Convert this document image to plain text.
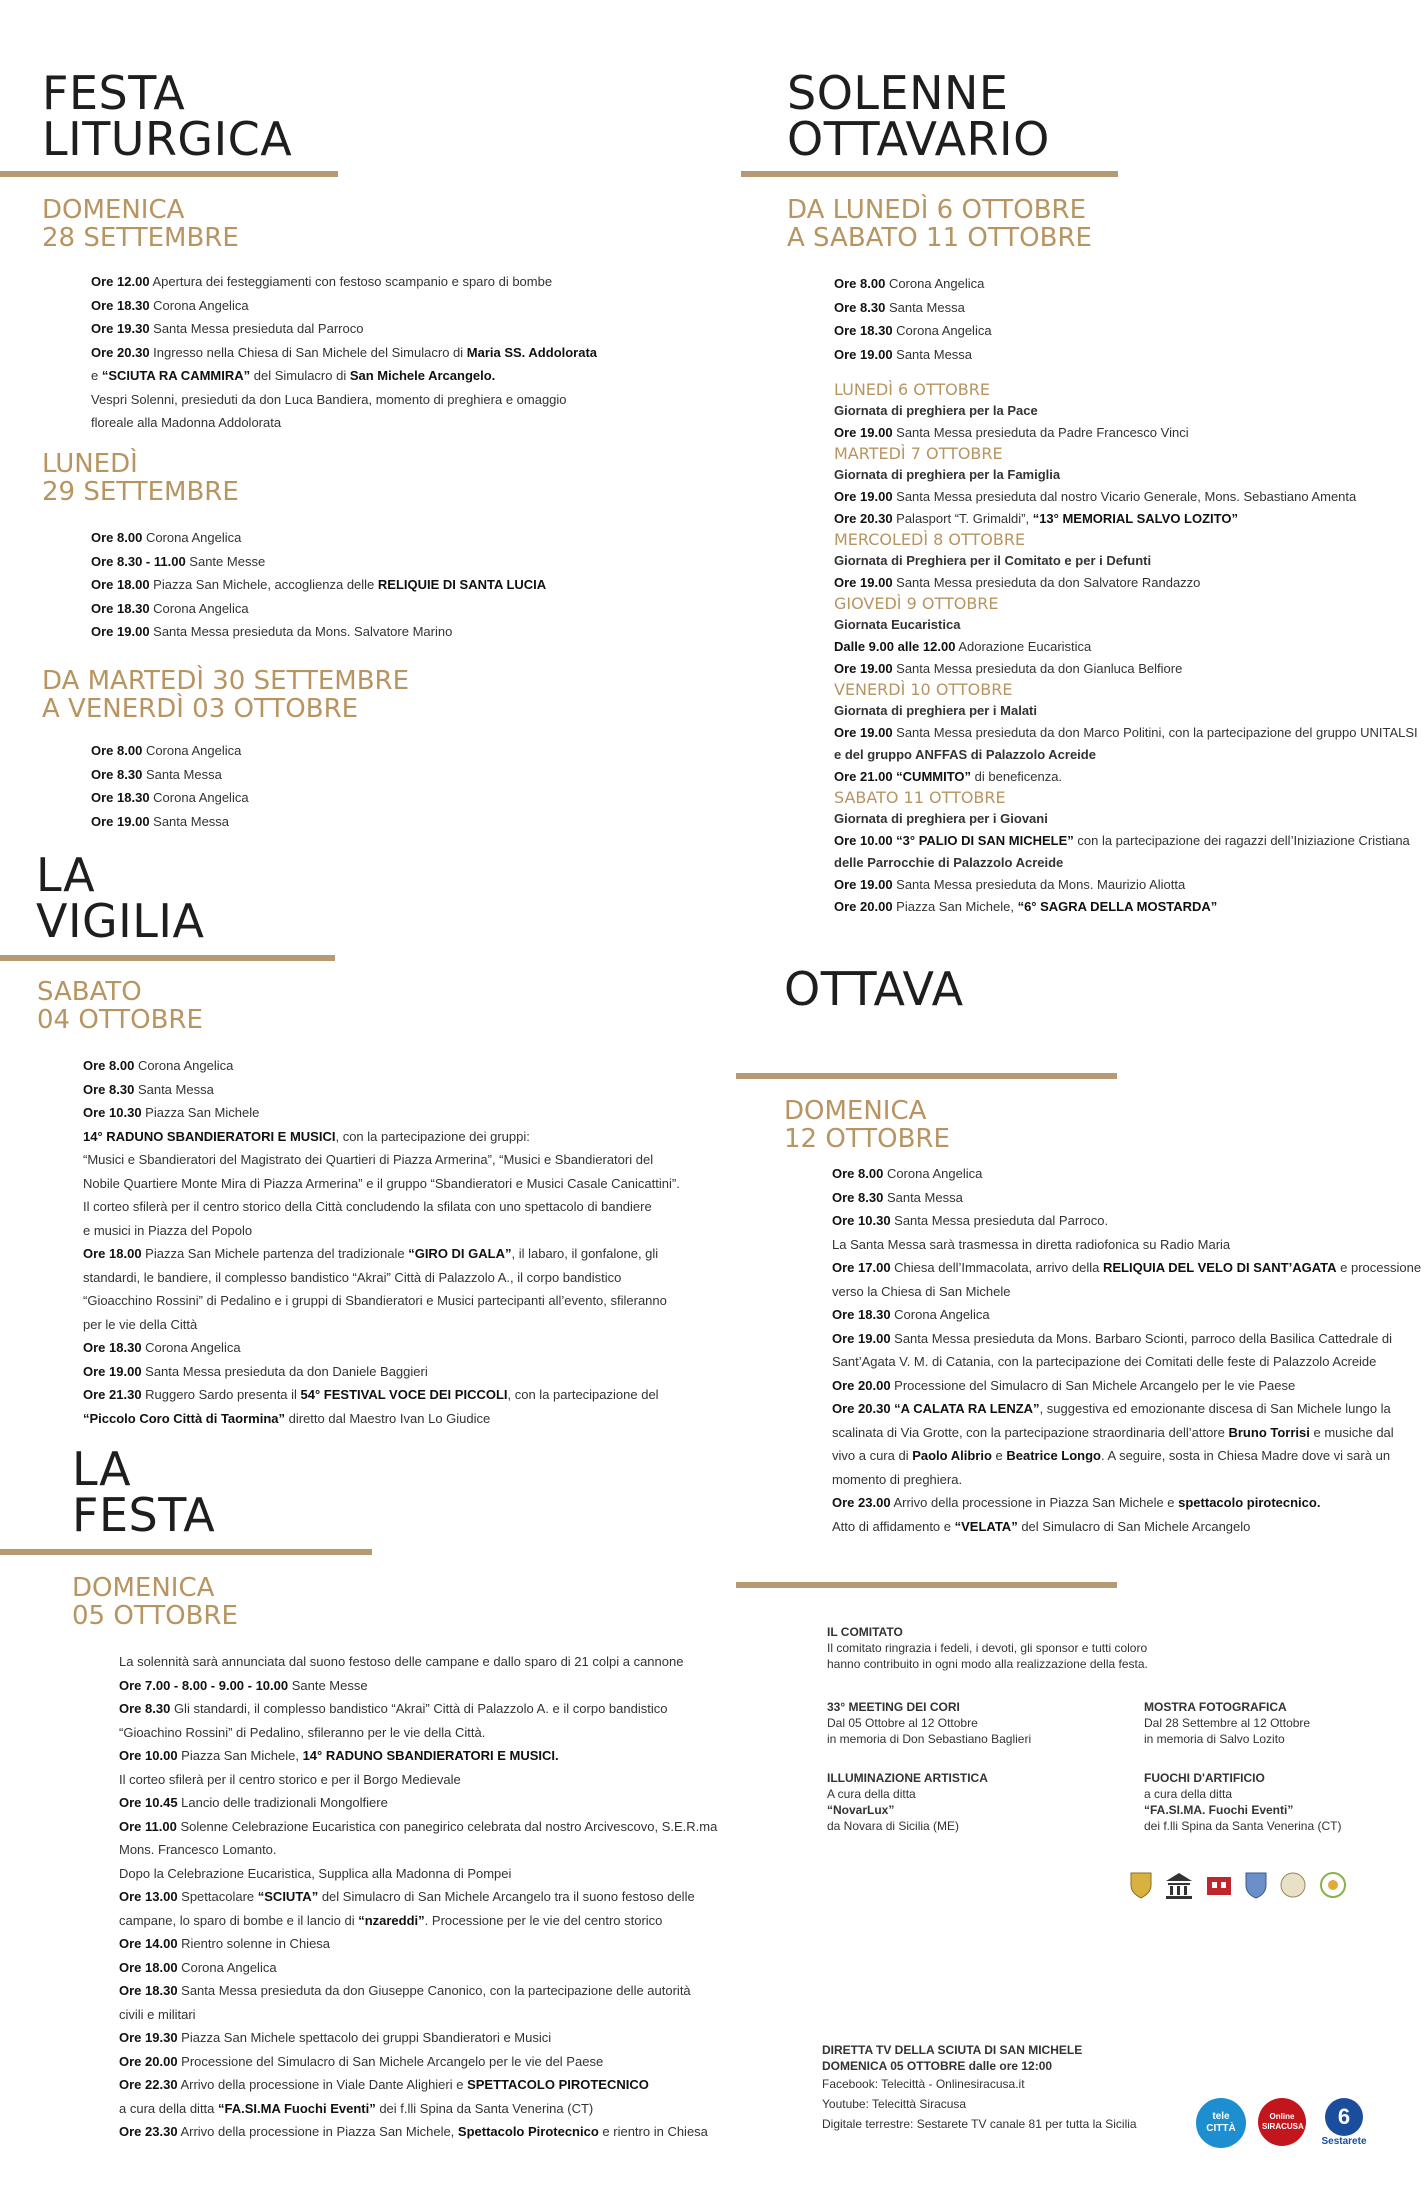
FESTA
LITURGICA
DOMENICA
28 SETTEMBRE
Ore 12.00 Apertura dei festeggiamenti con festoso scampanio e sparo di bombe
Ore 18.30 Corona Angelica
Ore 19.30 Santa Messa presieduta dal Parroco
Ore 20.30 Ingresso nella Chiesa di San Michele del Simulacro di Maria SS. Addolorata
e “SCIUTA RA CAMMIRA” del Simulacro di San Michele Arcangelo.
Vespri Solenni, presieduti da don Luca Bandiera, momento di preghiera e omaggio
floreale alla Madonna Addolorata
LUNEDÌ
29 SETTEMBRE
Ore 8.00 Corona Angelica
Ore 8.30 - 11.00 Sante Messe
Ore 18.00 Piazza San Michele, accoglienza delle RELIQUIE DI SANTA LUCIA
Ore 18.30 Corona Angelica
Ore 19.00 Santa Messa presieduta da Mons. Salvatore Marino
DA MARTEDÌ 30 SETTEMBRE
A VENERDÌ 03 OTTOBRE
Ore 8.00 Corona Angelica
Ore 8.30 Santa Messa
Ore 18.30 Corona Angelica
Ore 19.00 Santa Messa
LA
VIGILIA
SABATO
04 OTTOBRE
Ore 8.00 Corona Angelica
Ore 8.30 Santa Messa
Ore 10.30 Piazza San Michele
14° RADUNO SBANDIERATORI E MUSICI, con la partecipazione dei gruppi:
“Musici e Sbandieratori del Magistrato dei Quartieri di Piazza Armerina”, “Musici e Sbandieratori del
Nobile Quartiere Monte Mira di Piazza Armerina” e il gruppo “Sbandieratori e Musici Casale Canicattini”.
Il corteo sfilerà per il centro storico della Città concludendo la sfilata con uno spettacolo di bandiere
e musici in Piazza del Popolo
Ore 18.00 Piazza San Michele partenza del tradizionale “GIRO DI GALA”, il labaro, il gonfalone, gli
standardi, le bandiere, il complesso bandistico “Akrai” Città di Palazzolo A., il corpo bandistico
“Gioacchino Rossini” di Pedalino e i gruppi di Sbandieratori e Musici partecipanti all’evento, sfileranno
per le vie della Città
Ore 18.30 Corona Angelica
Ore 19.00 Santa Messa presieduta da don Daniele Baggieri
Ore 21.30 Ruggero Sardo presenta il 54° FESTIVAL VOCE DEI PICCOLI, con la partecipazione del
“Piccolo Coro Città di Taormina” diretto dal Maestro Ivan Lo Giudice
LA
FESTA
DOMENICA
05 OTTOBRE
La solennità sarà annunciata dal suono festoso delle campane e dallo sparo di 21 colpi a cannone
Ore 7.00 - 8.00 - 9.00 - 10.00 Sante Messe
Ore 8.30 Gli standardi, il complesso bandistico “Akrai” Città di Palazzolo A. e il corpo bandistico
“Gioachino Rossini” di Pedalino, sfileranno per le vie della Città.
Ore 10.00 Piazza San Michele, 14° RADUNO SBANDIERATORI E MUSICI.
Il corteo sfilerà per il centro storico e per il Borgo Medievale
Ore 10.45 Lancio delle tradizionali Mongolfiere
Ore 11.00 Solenne Celebrazione Eucaristica con panegirico celebrata dal nostro Arcivescovo, S.E.R.ma
Mons. Francesco Lomanto.
Dopo la Celebrazione Eucaristica, Supplica alla Madonna di Pompei
Ore 13.00 Spettacolare “SCIUTA” del Simulacro di San Michele Arcangelo tra il suono festoso delle
campane, lo sparo di bombe e il lancio di “nzareddi”. Processione per le vie del centro storico
Ore 14.00 Rientro solenne in Chiesa
Ore 18.00 Corona Angelica
Ore 18.30 Santa Messa presieduta da don Giuseppe Canonico, con la partecipazione delle autorità
civili e militari
Ore 19.30 Piazza San Michele spettacolo dei gruppi Sbandieratori e Musici
Ore 20.00 Processione del Simulacro di San Michele Arcangelo per le vie del Paese
Ore 22.30 Arrivo della processione in Viale Dante Alighieri e SPETTACOLO PIROTECNICO
a cura della ditta “FA.SI.MA Fuochi Eventi” dei f.lli Spina da Santa Venerina (CT)
Ore 23.30 Arrivo della processione in Piazza San Michele, Spettacolo Pirotecnico e rientro in Chiesa
SOLENNE
OTTAVARIO
DA LUNEDÌ 6 OTTOBRE
A SABATO 11 OTTOBRE
Ore 8.00 Corona Angelica
Ore 8.30 Santa Messa
Ore 18.30 Corona Angelica
Ore 19.00 Santa Messa
LUNEDÌ 6 OTTOBRE
Giornata di preghiera per la Pace
Ore 19.00 Santa Messa presieduta da Padre Francesco Vinci
MARTEDÌ 7 OTTOBRE
Giornata di preghiera per la Famiglia
Ore 19.00 Santa Messa presieduta dal nostro Vicario Generale, Mons. Sebastiano Amenta
Ore 20.30 Palasport “T. Grimaldi”, “13° MEMORIAL SALVO LOZITO”
MERCOLEDÌ 8 OTTOBRE
Giornata di Preghiera per il Comitato e per i Defunti
Ore 19.00 Santa Messa presieduta da don Salvatore Randazzo
GIOVEDÌ 9 OTTOBRE
Giornata Eucaristica
Dalle 9.00 alle 12.00 Adorazione Eucaristica
Ore 19.00 Santa Messa presieduta da don Gianluca Belfiore
VENERDÌ 10 OTTOBRE
Giornata di preghiera per i Malati
Ore 19.00 Santa Messa presieduta da don Marco Politini, con la partecipazione del gruppo UNITALSI
e del gruppo ANFFAS di Palazzolo Acreide
Ore 21.00 “CUMMITO” di beneficenza.
SABATO 11 OTTOBRE
Giornata di preghiera per i Giovani
Ore 10.00 “3° PALIO DI SAN MICHELE” con la partecipazione dei ragazzi dell’Iniziazione Cristiana
delle Parrocchie di Palazzolo Acreide
Ore 19.00 Santa Messa presieduta da Mons. Maurizio Aliotta
Ore 20.00 Piazza San Michele, “6° SAGRA DELLA MOSTARDA”
OTTAVA
DOMENICA
12 OTTOBRE
Ore 8.00 Corona Angelica
Ore 8.30 Santa Messa
Ore 10.30 Santa Messa presieduta dal Parroco.
La Santa Messa sarà trasmessa in diretta radiofonica su Radio Maria
Ore 17.00 Chiesa dell’Immacolata, arrivo della RELIQUIA DEL VELO DI SANT’AGATA e processione
verso la Chiesa di San Michele
Ore 18.30 Corona Angelica
Ore 19.00 Santa Messa presieduta da Mons. Barbaro Scionti, parroco della Basilica Cattedrale di
Sant’Agata V. M. di Catania, con la partecipazione dei Comitati delle feste di Palazzolo Acreide
Ore 20.00 Processione del Simulacro di San Michele Arcangelo per le vie Paese
Ore 20.30 “A CALATA RA LENZA”, suggestiva ed emozionante discesa di San Michele lungo la
scalinata di Via Grotte, con la partecipazione straordinaria dell’attore Bruno Torrisi e musiche dal
vivo a cura di Paolo Alibrio e Beatrice Longo. A seguire, sosta in Chiesa Madre dove vi sarà un
momento di preghiera.
Ore 23.00 Arrivo della processione in Piazza San Michele e spettacolo pirotecnico.
Atto di affidamento e “VELATA” del Simulacro di San Michele Arcangelo
IL COMITATO
Il comitato ringrazia i fedeli, i devoti, gli sponsor e tutti coloro
hanno contribuito in ogni modo alla realizzazione della festa.
33° MEETING DEI CORI
Dal 05 Ottobre al 12 Ottobre
in memoria di Don Sebastiano Baglieri
MOSTRA FOTOGRAFICA
Dal 28 Settembre al 12 Ottobre
in memoria di Salvo Lozito
ILLUMINAZIONE ARTISTICA
A cura della ditta
“NovarLux”
da Novara di Sicilia (ME)
FUOCHI D'ARTIFICIO
a cura della ditta
“FA.SI.MA. Fuochi Eventi”
dei f.lli Spina da Santa Venerina (CT)
DIRETTA TV DELLA SCIUTA DI SAN MICHELE
DOMENICA 05 OTTOBRE dalle ore 12:00
Facebook: Telecittà - Onlinesiracusa.it
Youtube: Telecittà Siracusa
Digitale terrestre: Sestarete TV canale 81 per tutta la Sicilia
tele CITTÀ
Online SIRACUSA	6
Sestarete
